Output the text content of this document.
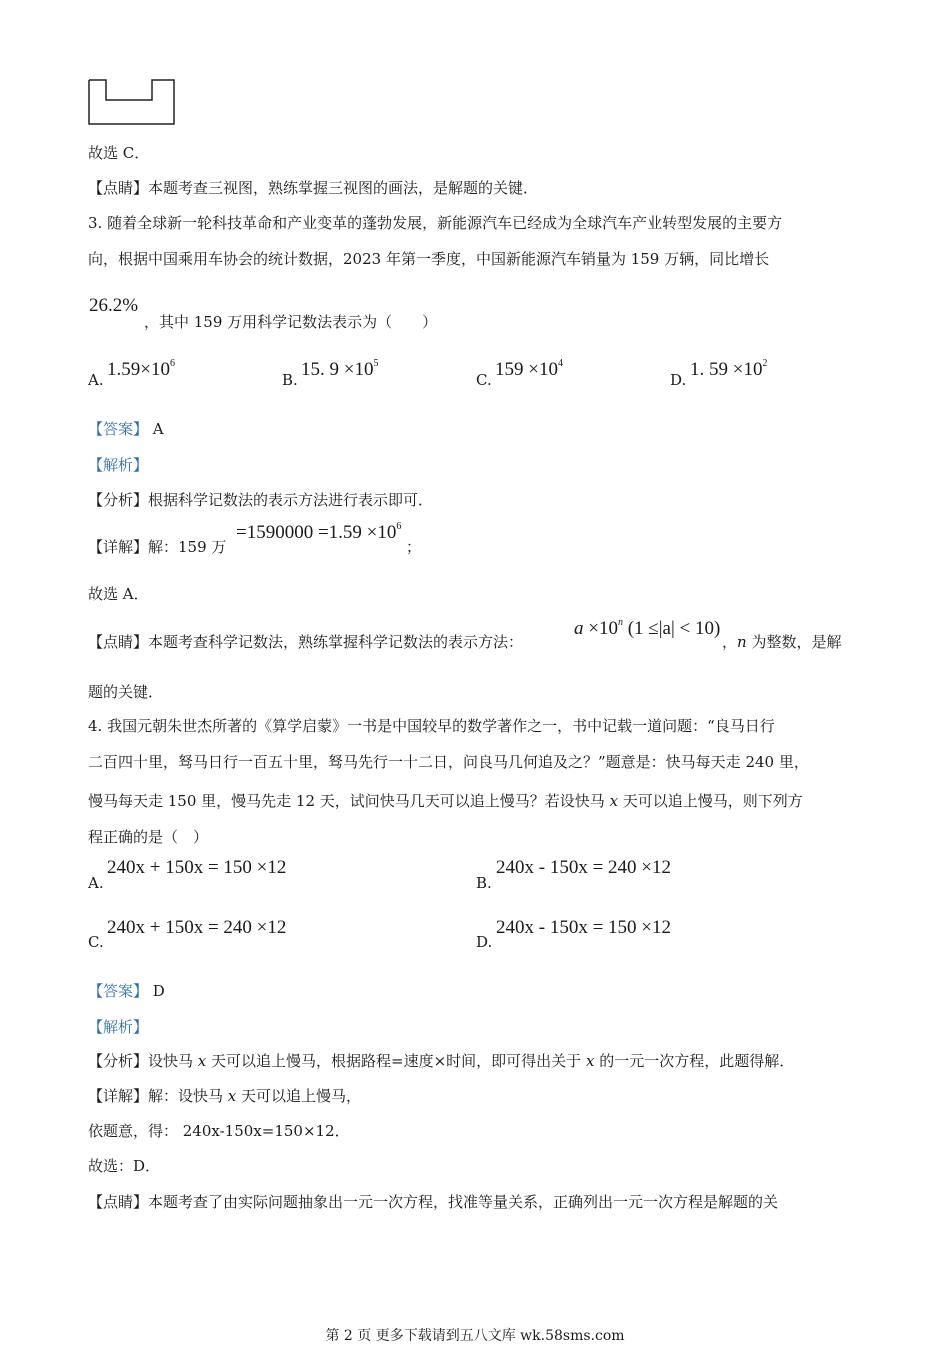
故选 C．
【点睛】本题考查三视图，熟练掌握三视图的画法，是解题的关键．
3. 随着全球新一轮科技革命和产业变革的蓬勃发展，新能源汽车已经成为全球汽车产业转型发展的主要方
向，根据中国乘用车协会的统计数据，2023 年第一季度，中国新能源汽车销量为 159 万辆，同比增长
26.2%
，其中 159 万用科学记数法表示为（　　）
A. $1.59\times 10^6$
B. 15. $9 \times 10^5$
C. $159 \times 10^4$
D. 1. $59 \times 10^2$
【答案】 A
【解析】
【分析】根据科学记数法的表示方法进行表示即可．
【详解】解：159 万
$=1590000 =1.59 \times 10^6$
；
故选 A．
【点睛】本题考查科学记数法，熟练掌握科学记数法的表示方法：
$a \times 10^n$ (1 ≤|a| < 10)
，n 为整数，是解
题的关键．
4. 我国元朝朱世杰所著的《算学启蒙》一书是中国较早的数学著作之一，书中记载一道问题：“良马日行
二百四十里，驽马日行一百五十里，驽马先行一十二日，问良马几何追及之？”题意是：快马每天走 240 里，
慢马每天走 150 里，慢马先走 12 天，试问快马几天可以追上慢马？若设快马 x 天可以追上慢马，则下列方
程正确的是（　）
A.
240x + 150x = 150 ×12
B.
240x - 150x = 240 ×12
C.
240x + 150x = 240 ×12
D.
240x - 150x = 150 ×12
【答案】 D
【解析】
【分析】设快马 x 天可以追上慢马，根据路程=速度×时间，即可得出关于 x 的一元一次方程，此题得解．
【详解】解：设快马 x 天可以追上慢马，
依题意，得： 240x-150x=150×12．
故选：D．
【点睛】本题考查了由实际问题抽象出一元一次方程，找准等量关系，正确列出一元一次方程是解题的关
第 2 页 更多下载请到五八文库 wk.58sms.com
